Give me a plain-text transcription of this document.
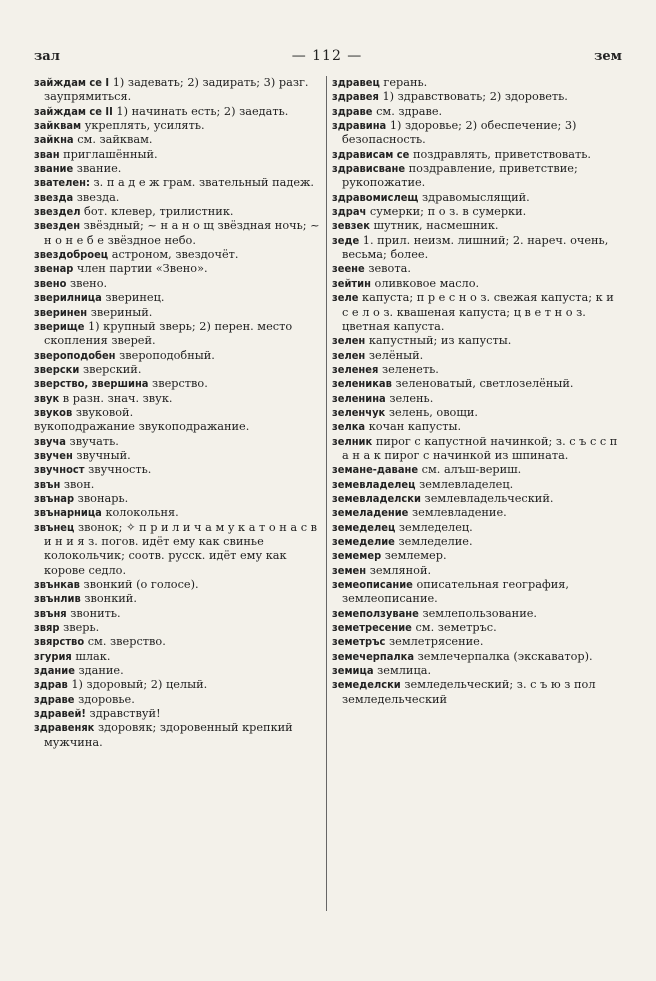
зал	— 112 —	зем

зайждам се I 1) задевать; 2) задирать; 3) разг. заупрямиться.

зайждам се II 1) начинать есть; 2) заедать.

зайквам укреплять, усилять.

зайкна см. зайквам.

зван приглашённый.

звание звание.

звателен: з. п а д е ж грам. звательный падеж.

звезда звезда.

звездел бот. клевер, трилистник.

звезден звёздный; ~ н а н о щ звёздная ночь; ~ н о н е б е звёздное небо.

звездоброец астроном, звездочёт.

звенар член партии «Звено».

звено звено.

зверилница зверинец.

зверинен звериный.

зверище 1) крупный зверь; 2) перен. место скопления зверей.

звероподобен звероподобный.

зверски зверский.

зверство, звершина зверство.

звук в разн. знач. звук.

звуков звуковой.

вукоподражание звукоподражание.

звуча звучать.

звучен звучный.

звучност звучность.

звън звон.

звънар звонарь.

звънарница колокольня.

звънец звонок; ✧ п р и л и ч а м у к а т о н а с в и н и я з. погов. идёт ему как свинье колокольчик; соотв. русск. идёт ему как корове седло.

звънкав звонкий (о голосе).

звънлив звонкий.

звъня звонить.

звяр зверь.

звярство см. зверство.

згурия шлак.

здание здание.

здрав 1) здоровый; 2) целый.

здраве здоровье.

здравей! здравствуй!

здравеняк здоровяк; здоровенный крепкий мужчина.

здравец герань.

здравея 1) здравствовать; 2) здороветь.

здраве см. здраве.

здравина 1) здоровье; 2) обеспечение; 3) безопасность.

здрависам се поздравлять, приветствовать.

здрависване поздравление, приветствие; рукопожатие.

здравомислещ здравомыслящий.

здрач сумерки; п о з. в сумерки.

зевзек шутник, насмешник.

зеде 1. прил. неизм. лишний; 2. нареч. очень, весьма; более.

зеене зевота.

зейтин оливковое масло.

зеле капуста; п р е с н о з. свежая капуста; к и с е л о з. квашеная капуста; ц в е т н о з. цветная капуста.

зелен капустный; из капусты.

зелен зелёный.

зеленея зеленеть.

зеленикав зеленоватый, светлозелёный.

зеленина зелень.

зеленчук зелень, овощи.

зелка кочан капусты.

зелник пирог с капустной начинкой; з. с ъ с с п а н а к пирог с начинкой из шпината.

земане-даване см. алъш-вериш.

земевладелец землевладелец.

земевладелски землевладельческий.

земеладение землевладение.

земеделец земледелец.

земеделие земледелие.

земемер землемер.

земен земляной.

земеописание описательная география, землеописание.

земеползуване землепользование.

земетресение см. земетръс.

земетръс землетрясение.

земечерпалка землечерпалка (экскаватор).

земица землица.

земеделски земледельческий; з. с ъ ю з пол земледельческий
